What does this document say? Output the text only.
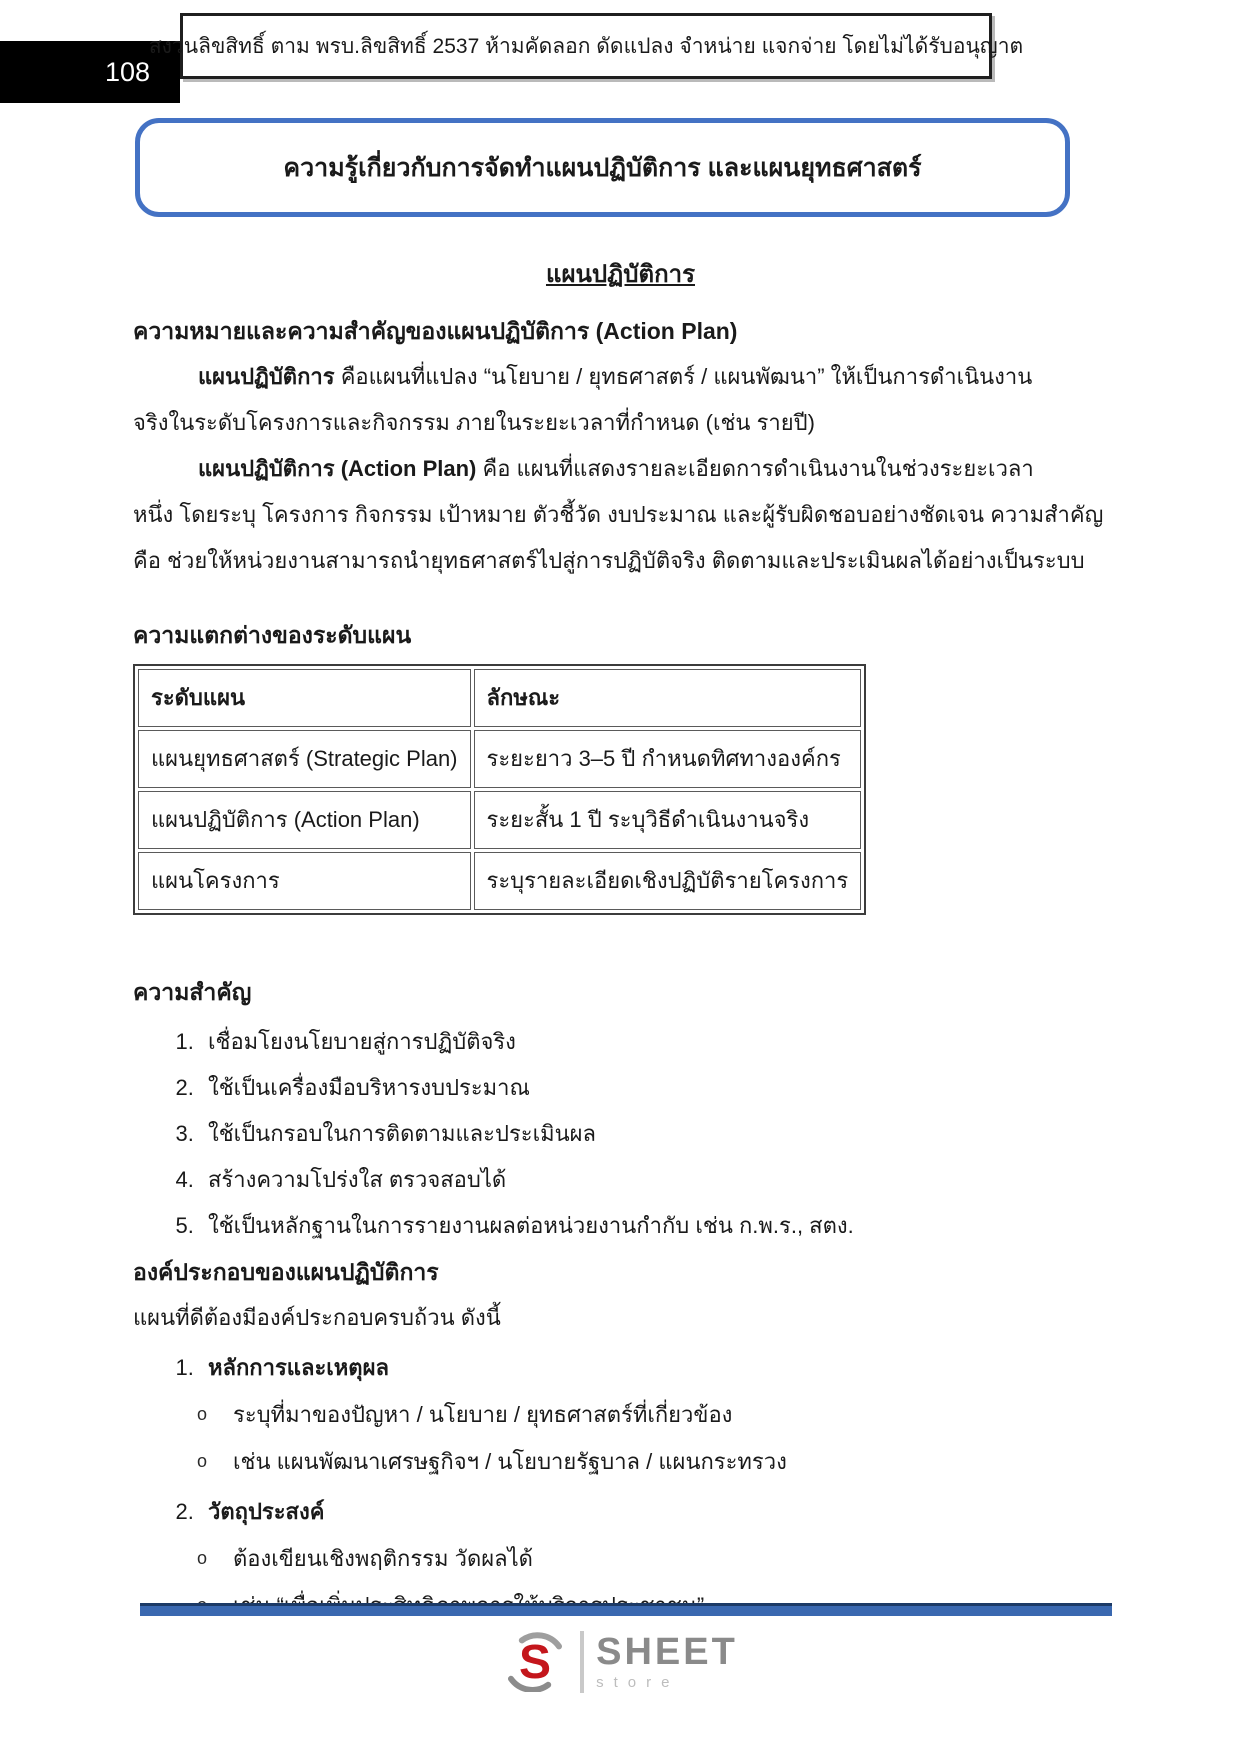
108
สงวนลิขสิทธิ์ ตาม พรบ.ลิขสิทธิ์ 2537 ห้ามคัดลอก ดัดแปลง จำหน่าย แจกจ่าย โดยไม่ได้รับอนุญาต
ความรู้เกี่ยวกับการจัดทำแผนปฏิบัติการ และแผนยุทธศาสตร์
แผนปฏิบัติการ
ความหมายและความสำคัญของแผนปฏิบัติการ (Action Plan)
แผนปฏิบัติการ คือแผนที่แปลง “นโยบาย / ยุทธศาสตร์ / แผนพัฒนา” ให้เป็นการดำเนินงาน
จริงในระดับโครงการและกิจกรรม ภายในระยะเวลาที่กำหนด (เช่น รายปี)
แผนปฏิบัติการ (Action Plan) คือ แผนที่แสดงรายละเอียดการดำเนินงานในช่วงระยะเวลา
หนึ่ง โดยระบุ โครงการ กิจกรรม เป้าหมาย ตัวชี้วัด งบประมาณ และผู้รับผิดชอบอย่างชัดเจน ความสำคัญ
คือ ช่วยให้หน่วยงานสามารถนำยุทธศาสตร์ไปสู่การปฏิบัติจริง ติดตามและประเมินผลได้อย่างเป็นระบบ
ความแตกต่างของระดับแผน
ระดับแผน	ลักษณะ
แผนยุทธศาสตร์ (Strategic Plan)	ระยะยาว 3–5 ปี กำหนดทิศทางองค์กร
แผนปฏิบัติการ (Action Plan)	ระยะสั้น 1 ปี ระบุวิธีดำเนินงานจริง
แผนโครงการ	ระบุรายละเอียดเชิงปฏิบัติรายโครงการ
ความสำคัญ
1. เชื่อมโยงนโยบายสู่การปฏิบัติจริง
2. ใช้เป็นเครื่องมือบริหารงบประมาณ
3. ใช้เป็นกรอบในการติดตามและประเมินผล
4. สร้างความโปร่งใส ตรวจสอบได้
5. ใช้เป็นหลักฐานในการรายงานผลต่อหน่วยงานกำกับ เช่น ก.พ.ร., สตง.
องค์ประกอบของแผนปฏิบัติการ
แผนที่ดีต้องมีองค์ประกอบครบถ้วน ดังนี้
1. หลักการและเหตุผล
o ระบุที่มาของปัญหา / นโยบาย / ยุทธศาสตร์ที่เกี่ยวข้อง
o เช่น แผนพัฒนาเศรษฐกิจฯ / นโยบายรัฐบาล / แผนกระทรวง
2. วัตถุประสงค์
o ต้องเขียนเชิงพฤติกรรม วัดผลได้
o
S SHEET
store
